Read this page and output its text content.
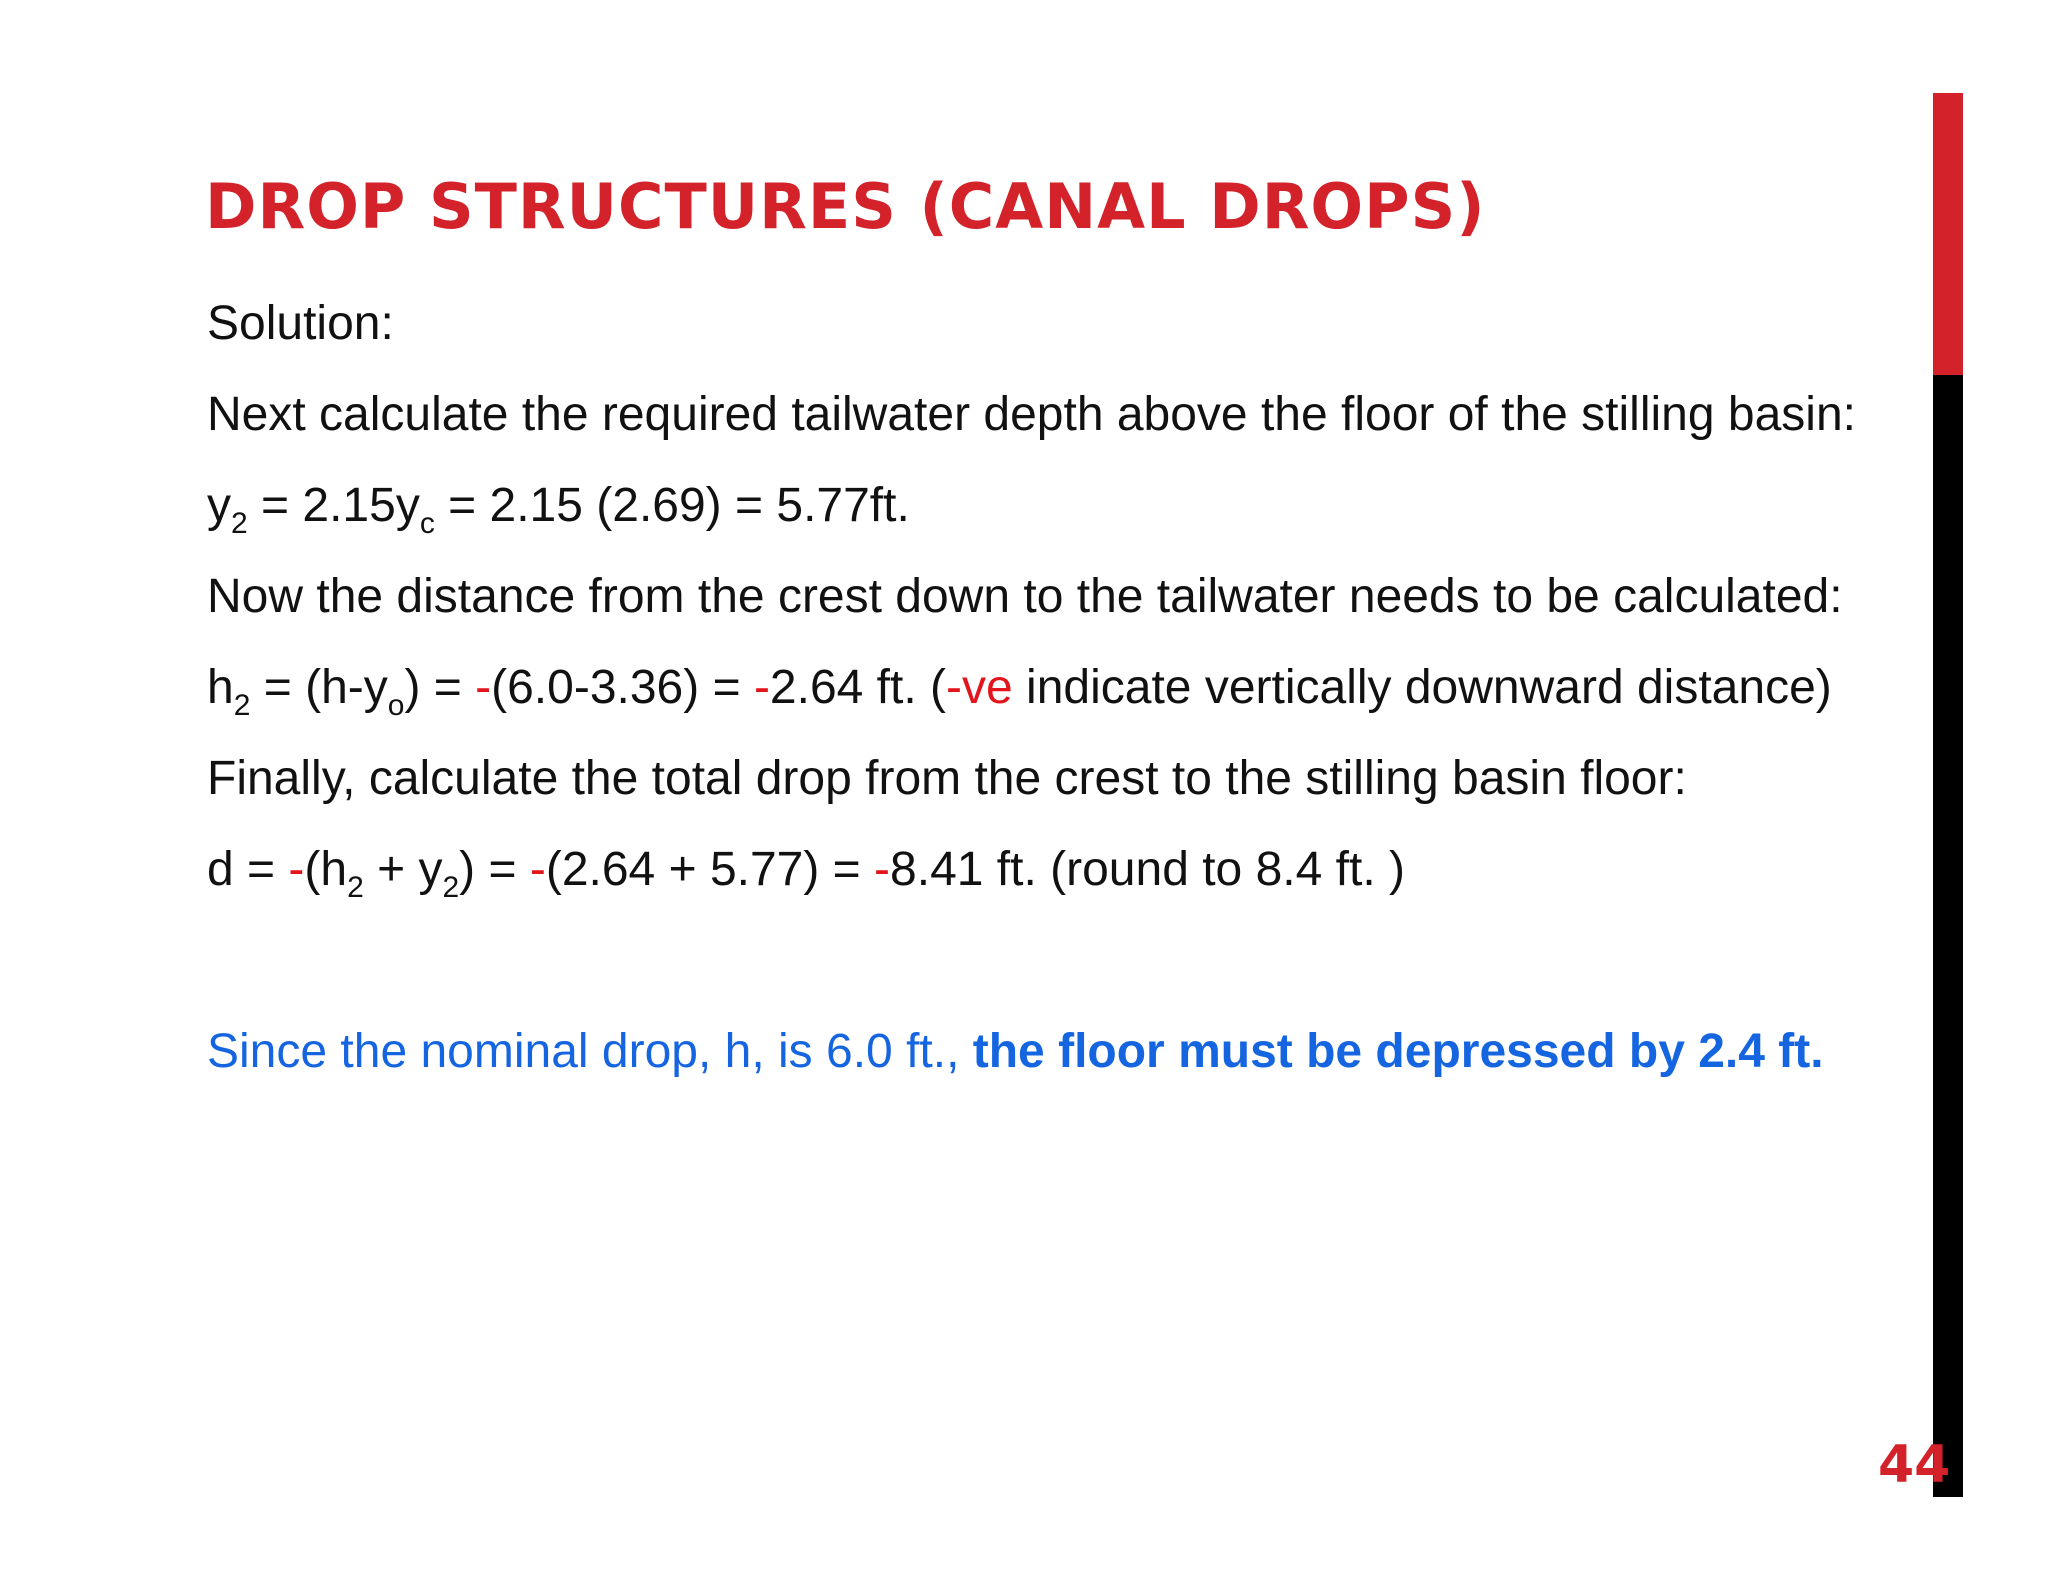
DROP STRUCTURES (CANAL DROPS)

Solution:

Next calculate the required tailwater depth above the floor of the stilling basin:

$y_2 = 2.15y_c = 2.15$ (2.69) = 5.77ft.

Now the distance from the crest down to the tailwater needs to be calculated:

$h_2 = (h-y_o) = -(6.0-3.36) = -2.64$ ft. (-ve indicate vertically downward distance)

Finally, calculate the total drop from the crest to the stilling basin floor:

$d = -(h_2 + y_2) = -(2.64 + 5.77) = -8.41$ ft. (round to 8.4 ft. )

Since the nominal drop, h, is 6.0 ft., the floor must be depressed by 2.4 ft.

44
